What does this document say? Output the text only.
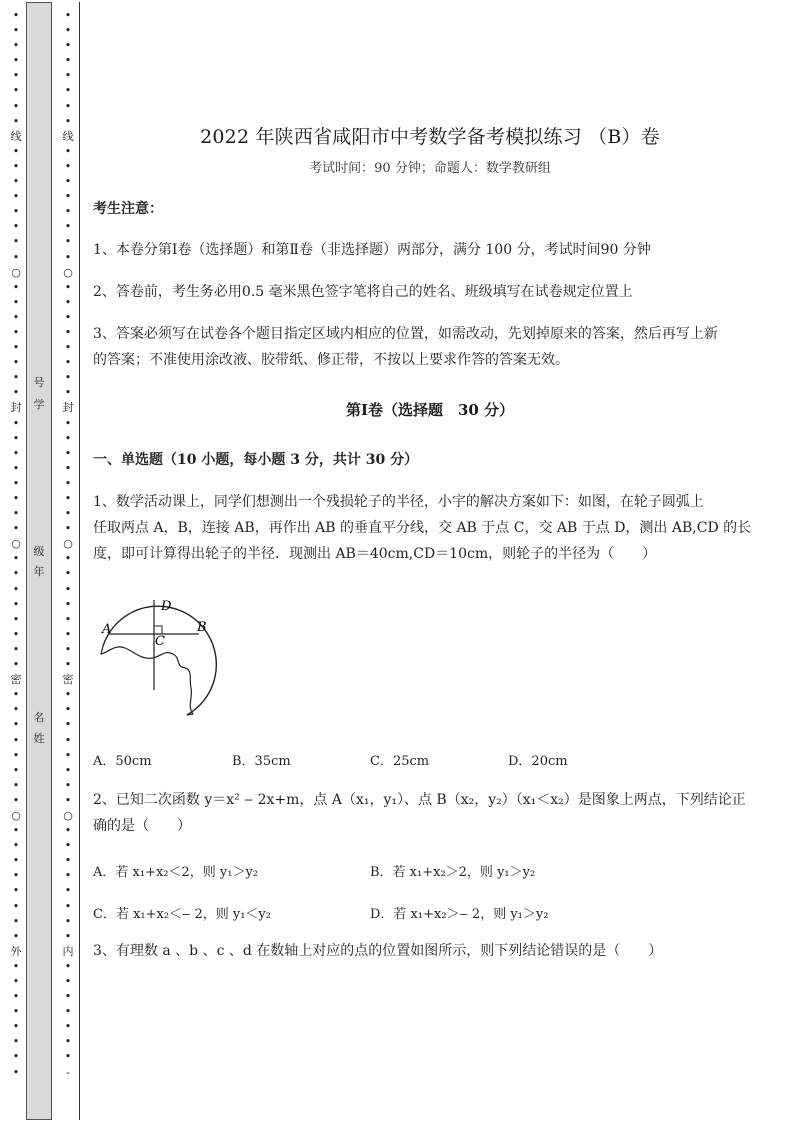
•
•
•
•
•
•
•
•
线
•
•
•
•
•
•
•
•
○
•
•
•
•
•
•
•
•
封
•
•
•
•
•
•
•
•
○
•
•
•
•
•
•
•
•
密
•
•
•
•
•
•
•
•
○
•
•
•
•
•
•
•
•
外
•
•
•
•
•
•
•
•
•
•
•
•
•
•
•
•
线
•
•
•
•
•
•
•
•
○
•
•
•
•
•
•
•
•
封
•
•
•
•
•
•
•
•
○
•
•
•
•
•
•
•
•
密
•
•
•
•
•
•
•
•
○
•
•
•
•
•
•
•
•
内
•
•
•
•
•
•
•
-
号
学
级
年
名
姓
2022 年陕西省咸阳市中考数学备考模拟练习 （B）卷
考试时间：90 分钟；命题人：数学教研组
考生注意：
1、本卷分第Ⅰ卷（选择题）和第Ⅱ卷（非选择题）两部分，满分 100 分，考试时间90 分钟
2、答卷前，考生务必用0.5 毫米黑色签字笔将自己的姓名、班级填写在试卷规定位置上
3、答案必须写在试卷各个题目指定区域内相应的位置，如需改动，先划掉原来的答案，然后再写上新
的答案；不准使用涂改液、胶带纸、修正带，不按以上要求作答的答案无效。
第Ⅰ卷（选择题　30 分）
一、单选题（10 小题，每小题 3 分，共计 30 分）
1、数学活动课上，同学们想测出一个残损轮子的半径，小宇的解决方案如下：如图，在轮子圆弧上
任取两点 A，B，连接 AB，再作出 AB 的垂直平分线，交 AB 于点 C，交 AB 于点 D，测出 AB,CD 的长
度，即可计算得出轮子的半径．现测出 AB＝40cm,CD＝10cm，则轮子的半径为（　　）
A	B
C
D
A．50cm	B．35cm	C．25cm	D．20cm
2、已知二次函数 y＝x² ‒ 2x+m，点 A（x₁，y₁）、点 B（x₂，y₂）（x₁＜x₂）是图象上两点，下列结论正
确的是（　　）
A．若 x₁+x₂＜2，则 y₁＞y₂	B．若 x₁+x₂＞2，则 y₁＞y₂
C．若 x₁+x₂＜‒ 2，则 y₁＜y₂	D．若 x₁+x₂＞‒ 2，则 y₁＞y₂
3、有理数 a 、b 、c 、d 在数轴上对应的点的位置如图所示，则下列结论错误的是（　　）
